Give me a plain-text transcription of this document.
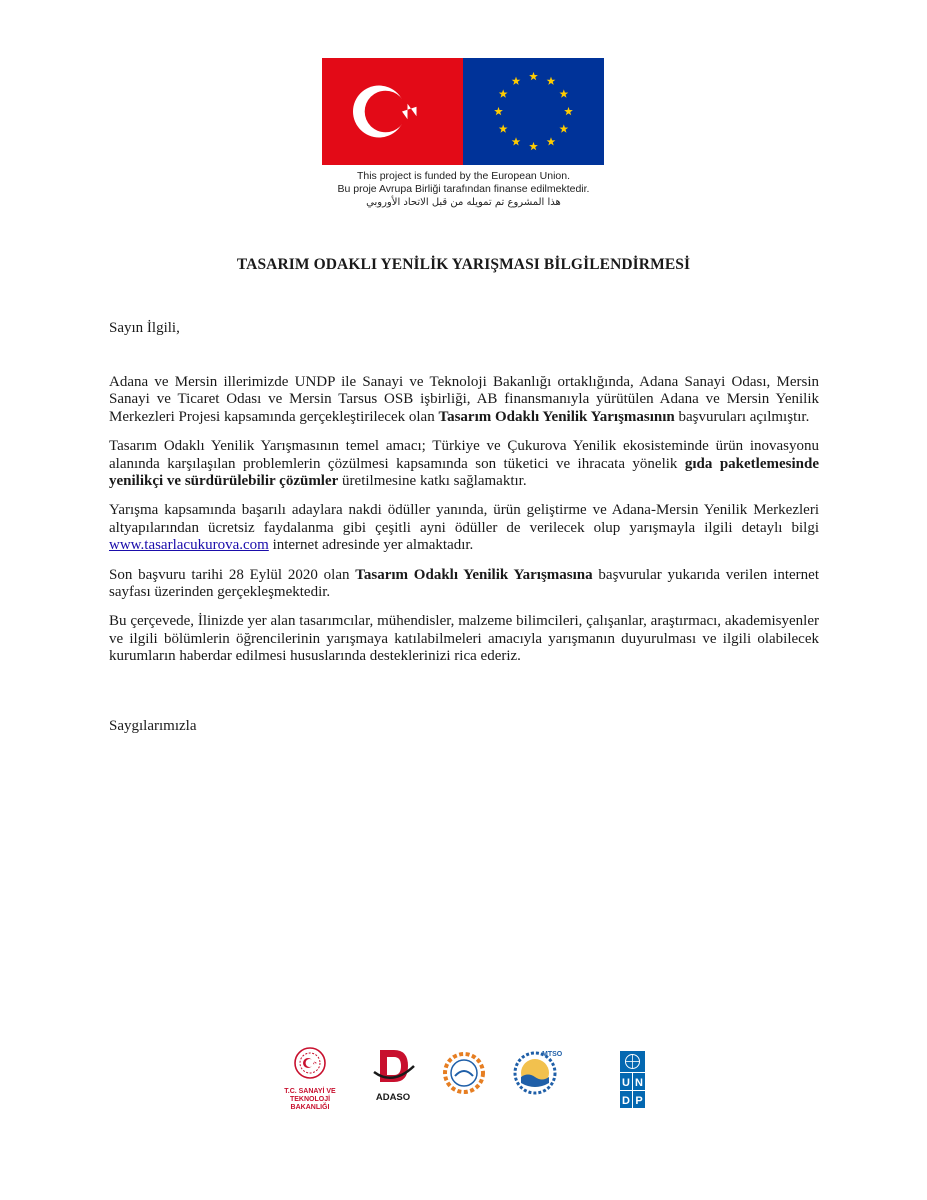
This project is funded by the European Union.
Bu proje Avrupa Birliği tarafından finanse edilmektedir.
هذا المشروع تم تمويله من قبل الاتحاد الأوروبي
TASARIM ODAKLI YENİLİK YARIŞMASI BİLGİLENDİRMESİ
Sayın İlgili,

Adana ve Mersin illerimizde UNDP ile Sanayi ve Teknoloji Bakanlığı ortaklığında, Adana Sanayi Odası, Mersin Sanayi ve Ticaret Odası ve Mersin Tarsus OSB işbirliği, AB finansmanıyla yürütülen Adana ve Mersin Yenilik Merkezleri Projesi kapsamında gerçekleştirilecek olan Tasarım Odaklı Yenilik Yarışmasının başvuruları açılmıştır.

Tasarım Odaklı Yenilik Yarışmasının temel amacı; Türkiye ve Çukurova Yenilik ekosisteminde ürün inovasyonu alanında karşılaşılan problemlerin çözülmesi kapsamında son tüketici ve ihracata yönelik gıda paketlemesinde yenilikçi ve sürdürülebilir çözümler üretilmesine katkı sağlamaktır.

Yarışma kapsamında başarılı adaylara nakdi ödüller yanında, ürün geliştirme ve Adana-Mersin Yenilik Merkezleri altyapılarından ücretsiz faydalanma gibi çeşitli ayni ödüller de verilecek olup yarışmayla ilgili detaylı bilgi www.tasarlacukurova.com internet adresinde yer almaktadır.

Son başvuru tarihi 28 Eylül 2020 olan Tasarım Odaklı Yenilik Yarışmasına başvurular yukarıda verilen internet sayfası üzerinden gerçekleşmektedir.

Bu çerçevede, İlinizde yer alan tasarımcılar, mühendisler, malzeme bilimcileri, çalışanlar, araştırmacı, akademisyenler ve ilgili bölümlerin öğrencilerinin yarışmaya katılabilmeleri amacıyla yarışmanın duyurulması ve ilgili olabilecek kurumların haberdar edilmesi hususlarında desteklerinizi rica ederiz.

Saygılarımızla
T.C. SANAYİ VE
TEKNOLOJİ BAKANLIĞI
ADASO
MTSO
U N
D P
